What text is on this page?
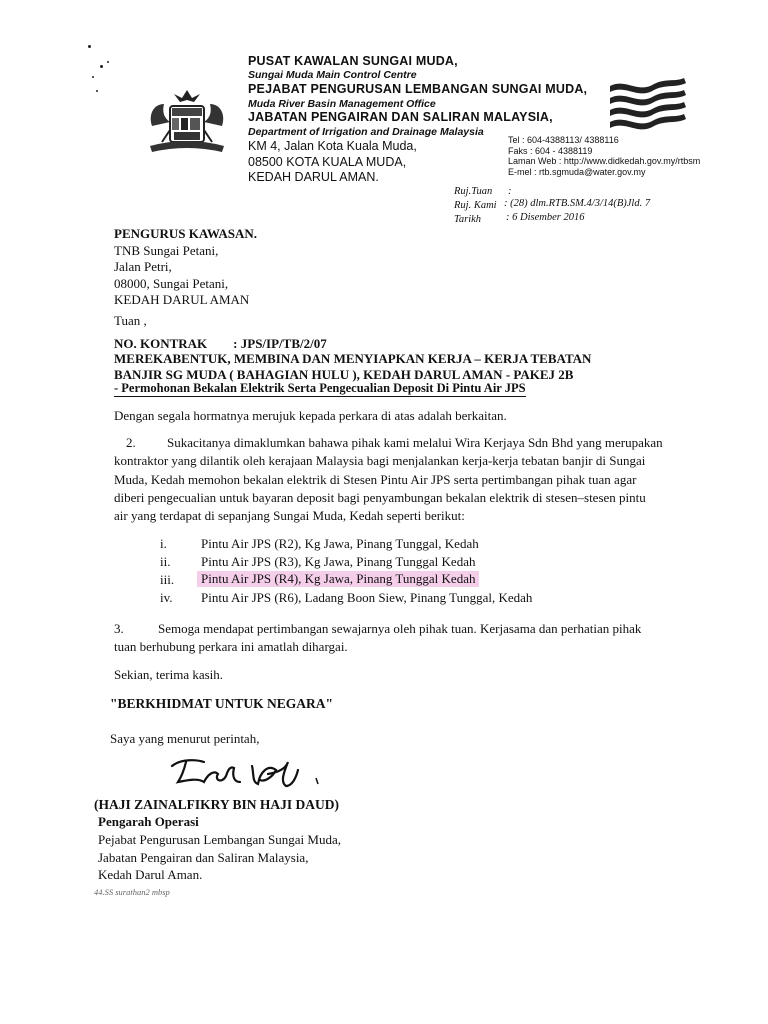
PUSAT KAWALAN SUNGAI MUDA,
Sungai Muda Main Control Centre
PEJABAT PENGURUSAN LEMBANGAN SUNGAI MUDA,
Muda River Basin Management Office
JABATAN PENGAIRAN DAN SALIRAN MALAYSIA,
Department of Irrigation and Drainage Malaysia
KM 4, Jalan Kota Kuala Muda,
08500 KOTA KUALA MUDA,
KEDAH DARUL AMAN.
Tel : 604-4388113/ 4388116
Faks : 604 - 4388119
Laman Web : http://www.didkedah.gov.my/rtbsm
E-mel : rtb.sgmuda@water.gov.my
Ruj.Tuan :
Ruj. Kami : (28) dlm.RTB.SM.4/3/14(B)Jld. 7
Tarikh : 6 Disember 2016
PENGURUS KAWASAN.
TNB Sungai Petani,
Jalan Petri,
08000, Sungai Petani,
KEDAH DARUL AMAN
Tuan ,
NO. KONTRAK        : JPS/IP/TB/2/07
MEREKABENTUK, MEMBINA DAN MENYIAPKAN KERJA – KERJA TEBATAN
BANJIR SG MUDA ( BAHAGIAN HULU ), KEDAH DARUL AMAN - PAKEJ 2B
- Permohonan Bekalan Elektrik Serta Pengecualian Deposit Di Pintu Air JPS
Dengan segala hormatnya merujuk kepada perkara di atas adalah berkaitan.
2. Sukacitanya dimaklumkan bahawa pihak kami melalui Wira Kerjaya Sdn Bhd yang merupakan
kontraktor yang dilantik oleh kerajaan Malaysia bagi menjalankan kerja-kerja tebatan banjir di Sungai
Muda, Kedah memohon bekalan elektrik di Stesen Pintu Air JPS serta pertimbangan pihak tuan agar
diberi pengecualian untuk bayaran deposit bagi penyambungan bekalan elektrik di stesen–stesen pintu
air yang terdapat di sepanjang Sungai Muda, Kedah seperti berikut:
i.	Pintu Air JPS (R2), Kg Jawa, Pinang Tunggal, Kedah
ii. Pintu Air JPS (R3), Kg Jawa, Pinang Tunggal Kedah
iii.	Pintu Air JPS (R4), Kg Jawa, Pinang Tunggal Kedah
iv. Pintu Air JPS (R6), Ladang Boon Siew, Pinang Tunggal, Kedah
3.	Semoga mendapat pertimbangan sewajarnya oleh pihak tuan. Kerjasama dan perhatian pihak
tuan berhubung perkara ini amatlah dihargai.
Sekian, terima kasih.
"BERKHIDMAT UNTUK NEGARA"
Saya yang menurut perintah,
(HAJI ZAINALFIKRY BIN HAJI DAUD)
Pengarah Operasi
Pejabat Pengurusan Lembangan Sungai Muda,
Jabatan Pengairan dan Saliran Malaysia,
Kedah Darul Aman.
44.SS surathan2 mbsp
